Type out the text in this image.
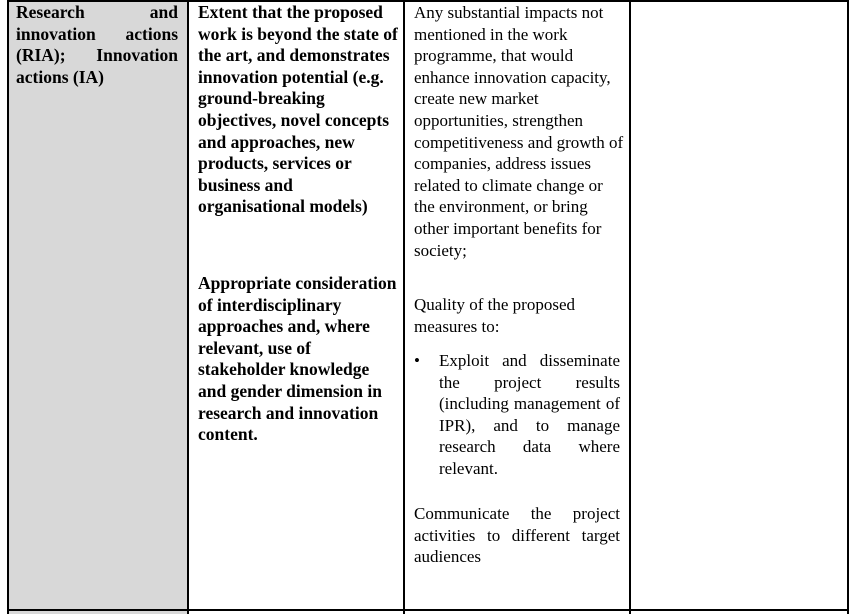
Research and innovation actions (RIA); Innovation actions (IA)
Extent that the proposed work is beyond the state of the art, and demonstrates innovation potential (e.g. ground-breaking objectives, novel concepts and approaches, new products, services or business and organisational models)
Appropriate consideration of interdisciplinary approaches and, where relevant, use of stakeholder knowledge and gender dimension in research and innovation content.
Any substantial impacts not mentioned in the work programme, that would enhance innovation capacity, create new market opportunities, strengthen competitiveness and growth of companies, address issues related to climate change or the environment, or bring other important benefits for society;
Quality of the proposed measures to:
• Exploit and disseminate the project results (including management of IPR), and to manage research data where relevant.
Communicate the project activities to different target audiences
